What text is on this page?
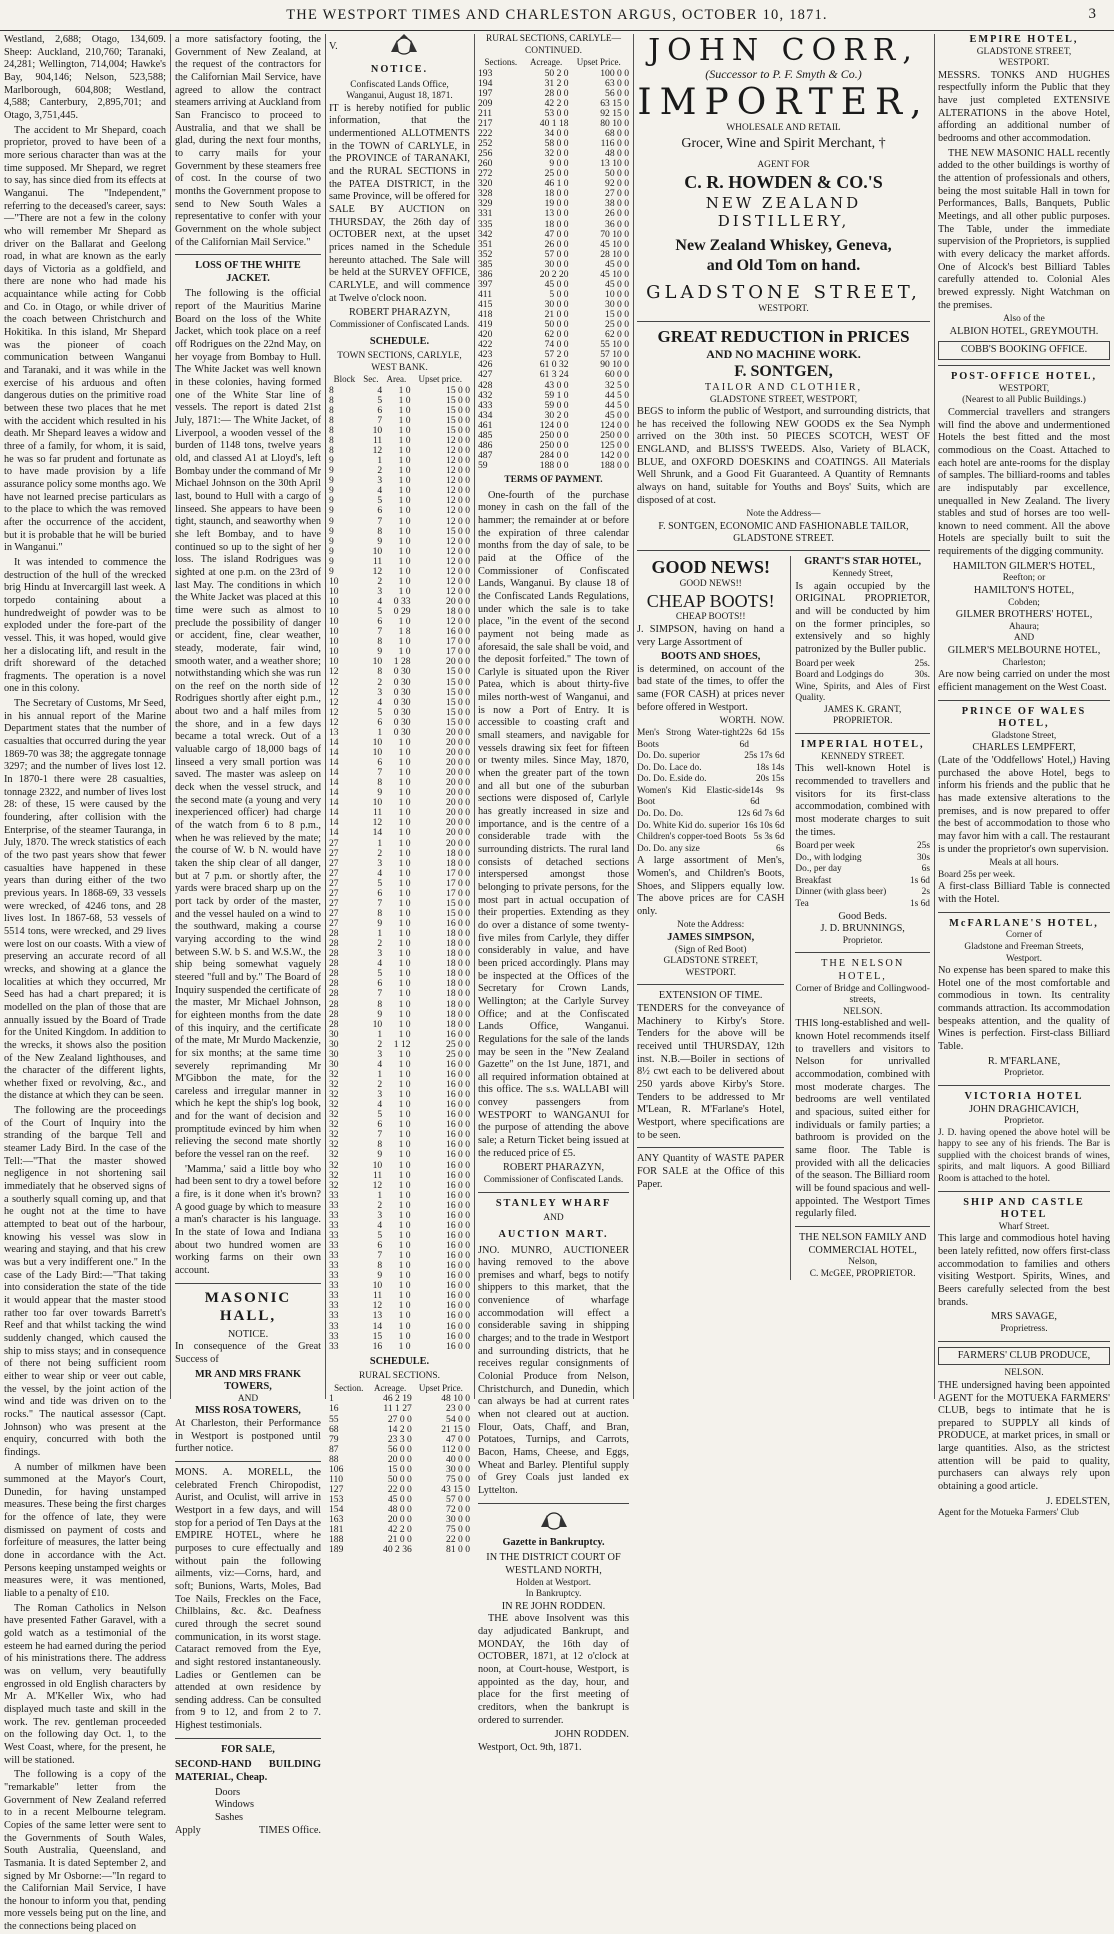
THE WESTPORT TIMES AND CHARLESTON ARGUS, OCTOBER 10, 1871.	3

Westland, 2,688; Otago, 134,609. Sheep: Auckland, 210,760; Taranaki, 24,281; Wellington, 714,004; Hawke's Bay, 904,146; Nelson, 523,588; Marlborough, 604,808; Westland, 4,588; Canterbury, 2,895,701; and Otago, 3,751,445.

The accident to Mr Shepard, coach proprietor, proved to have been of a more serious character than was at the time supposed. Mr Shepard, we regret to say, has since died from its effects at Wanganui. The "Independent," referring to the deceased's career, says:—"There are not a few in the colony who will remember Mr Shepard as driver on the Ballarat and Geelong road, in what are known as the early days of Victoria as a goldfield, and there are none who had made his acquaintance while acting for Cobb and Co. in Otago, or while driver of the coach between Christchurch and Hokitika. In this island, Mr Shepard was the pioneer of coach communication between Wanganui and Taranaki, and it was while in the exercise of his arduous and often dangerous duties on the primitive road between these two places that he met with the accident which resulted in his death. Mr Shepard leaves a widow and three of a family, for whom, it is said, he was so far prudent and fortunate as to have made provision by a life assurance policy some months ago. We have not learned precise particulars as to the place to which the was removed after the occurrence of the accident, but it is probable that he will be buried in Wanganui."

It was intended to commence the destruction of the hull of the wrecked brig Hindu at Invercargill last week. A torpedo containing about a hundredweight of powder was to be exploded under the fore-part of the vessel. This, it was hoped, would give her a dislocating lift, and result in the drift shoreward of the detached fragments. The operation is a novel one in this colony.

The Secretary of Customs, Mr Seed, in his annual report of the Marine Department states that the number of casualties that occurred during the year 1869-70 was 38; the aggregate tonnage 3297; and the number of lives lost 12. In 1870-1 there were 28 casualties, tonnage 2322, and number of lives lost 28: of these, 15 were caused by the foundering, after collision with the Enterprise, of the steamer Tauranga, in July, 1870. The wreck statistics of each of the two past years show that fewer casualties have happened in these years than during either of the two previous years. In 1868-69, 33 vessels were wrecked, of 4246 tons, and 28 lives lost. In 1867-68, 53 vessels of 5514 tons, were wrecked, and 29 lives were lost on our coasts. With a view of preserving an accurate record of all wrecks, and showing at a glance the localities at which they occurred, Mr Seed has had a chart prepared; it is modelled on the plan of those that are annually issued by the Board of Trade for the United Kingdom. In addition to the wrecks, it shows also the position of the New Zealand lighthouses, and the character of the different lights, whether fixed or revolving, &c., and the distance at which they can be seen.

The following are the proceedings of the Court of Inquiry into the stranding of the barque Tell and steamer Lady Bird. In the case of the Tell:—"That the master showed negligence in not shortening sail immediately that he observed signs of a southerly squall coming up, and that he ought not at the time to have attempted to beat out of the harbour, knowing his vessel was slow in wearing and staying, and that his crew was but a very indifferent one." In the case of the Lady Bird:—"That taking into consideration the state of the tide it would appear that the master stood rather too far over towards Barrett's Reef and that whilst tacking the wind suddenly changed, which caused the ship to miss stays; and in consequence of there not being sufficient room either to wear ship or veer out cable, the vessel, by the joint action of the wind and tide was driven on to the rocks." The nautical assessor (Capt. Johnson) who was present at the enquiry, concurred with both the findings.

A number of milkmen have been summoned at the Mayor's Court, Dunedin, for having unstamped measures. These being the first charges for the offence of late, they were dismissed on payment of costs and forfeiture of measures, the latter being done in accordance with the Act. Persons keeping unstamped weights or measures were, it was mentioned, liable to a penalty of £10.

The Roman Catholics in Nelson have presented Father Garavel, with a gold watch as a testimonial of the esteem he had earned during the period of his ministrations there. The address was on vellum, very beautifully engrossed in old English characters by Mr A. M'Keller Wix, who had displayed much taste and skill in the work. The rev. gentleman proceeded on the following day Oct. 1, to the West Coast, where, for the present, he will be stationed.

The following is a copy of the "remarkable" letter from the Government of New Zealand referred to in a recent Melbourne telegram. Copies of the same letter were sent to the Governments of South Wales, South Australia, Queensland, and Tasmania. It is dated September 2, and signed by Mr Osborne:—"In regard to the Californian Mail Service, I have the honour to inform you that, pending more vessels being put on the line, and the connections being placed on

a more satisfactory footing, the Government of New Zealand, at the request of the contractors for the Californian Mail Service, have agreed to allow the contract steamers arriving at Auckland from San Francisco to proceed to Australia, and that we shall be glad, during the next four months, to carry mails for your Government by these steamers free of cost. In the course of two months the Government propose to send to New South Wales a representative to confer with your Government on the whole subject of the Californian Mail Service."

LOSS OF THE WHITE JACKET.

The following is the official report of the Mauritius Marine Board on the loss of the White Jacket, which took place on a reef off Rodrigues on the 22nd May, on her voyage from Bombay to Hull. The White Jacket was well known in these colonies, having formed one of the White Star line of vessels. The report is dated 21st July, 1871:— The White Jacket, of Liverpool, a wooden vessel of the burden of 1148 tons, twelve years old, and classed A1 at Lloyd's, left Bombay under the command of Mr Michael Johnson on the 30th April last, bound to Hull with a cargo of linseed. She appears to have been tight, staunch, and seaworthy when she left Bombay, and to have continued so up to the sight of her loss. The island Rodrigues was sighted at one p.m. on the 23rd of last May. The conditions in which the White Jacket was placed at this time were such as almost to preclude the possibility of danger or accident, fine, clear weather, steady, moderate, fair wind, smooth water, and a weather shore; notwithstanding which she was run on the reef on the north side of Rodrigues shortly after eight p.m., about two and a half miles from the shore, and in a few days became a total wreck. Out of a valuable cargo of 18,000 bags of linseed a very small portion was saved. The master was asleep on deck when the vessel struck, and the second mate (a young and very inexperienced officer) had charge of the watch from 6 to 8 p.m., when he was relieved by the mate; the course of W. b N. would have taken the ship clear of all danger, but at 7 p.m. or shortly after, the yards were braced sharp up on the port tack by order of the master, and the vessel hauled on a wind to the southward, making a course varying according to the wind between S.W. b S. and W.S.W., the ship being somewhat vaguely steered "full and by." The Board of Inquiry suspended the certificate of the master, Mr Michael Johnson, for eighteen months from the date of this inquiry, and the certificate of the mate, Mr Murdo Mackenzie, for six months; at the same time severely reprimanding Mr M'Gibbon the mate, for the careless and irregular manner in which he kept the ship's log book, and for the want of decision and promptitude evinced by him when relieving the second mate shortly before the vessel ran on the reef.

'Mamma,' said a little boy who had been sent to dry a towel before a fire, is it done when it's brown? A good guage by which to measure a man's character is his language. In the state of Iowa and Indiana about two hundred women are working farms on their own account.

MASONIC HALL,
NOTICE.

In consequence of the Great Success of

MR AND MRS FRANK TOWERS,
AND
MISS ROSA TOWERS,

At Charleston, their Performance in Westport is postponed until further notice.

MONS. A. MORELL, the celebrated French Chiropodist, Aurist, and Oculist, will arrive in Westport in a few days, and will stop for a period of Ten Days at the EMPIRE HOTEL, where he purposes to cure effectually and without pain the following ailments, viz:—Corns, hard, and soft; Bunions, Warts, Moles, Bad Toe Nails, Freckles on the Face, Chilblains, &c. &c. Deafness cured through the secret sound communication, in its worst stage. Cataract removed from the Eye, and sight restored instantaneously. Ladies or Gentlemen can be attended at own residence by sending address. Can be consulted from 9 to 12, and from 2 to 7. Highest testimonials.

FOR SALE,

SECOND-HAND BUILDING MATERIAL, Cheap.

Doors
Windows
Sashes
Apply	TIMES Office.
V.
NOTICE.
Confiscated Lands Office,
Wanganui, August 18, 1871.

IT is hereby notified for public information, that the undermentioned ALLOTMENTS in the TOWN of CARLYLE, in the PROVINCE of TARANAKI, and the RURAL SECTIONS in the PATEA DISTRICT, in the same Province, will be offered for SALE BY AUCTION on THURSDAY, the 26th day of OCTOBER next, at the upset prices named in the Schedule hereunto attached. The Sale will be held at the SURVEY OFFICE, CARLYLE, and will commence at Twelve o'clock noon.

ROBERT PHARAZYN,
Commissioner of Confiscated Lands.
SCHEDULE.
TOWN SECTIONS, CARLYLE, WEST BANK.
Block	Sec.	Area.	Upset price.
8	4	1 0	15 0 0
8	5	1 0	15 0 0
8	6	1 0	15 0 0
8	7	1 0	15 0 0
8	10	1 0	15 0 0
8	11	1 0	12 0 0
8	12	1 0	12 0 0
9	1	1 0	12 0 0
9	2	1 0	12 0 0
9	3	1 0	12 0 0
9	4	1 0	12 0 0
9	5	1 0	12 0 0
9	6	1 0	12 0 0
9	7	1 0	12 0 0
9	8	1 0	15 0 0
9	9	1 0	12 0 0
9	10	1 0	12 0 0
9	11	1 0	12 0 0
9	12	1 0	12 0 0
10	2	1 0	12 0 0
10	3	1 0	12 0 0
10	4	0 33	20 0 0
10	5	0 29	18 0 0
10	6	1 0	12 0 0
10	7	1 8	16 0 0
10	8	1 0	17 0 0
10	9	1 0	17 0 0
10	10	1 28	20 0 0
12	8	0 30	15 0 0
12	2	0 30	15 0 0
12	3	0 30	15 0 0
12	4	0 30	15 0 0
12	5	0 30	15 0 0
12	6	0 30	15 0 0
13	1	0 30	20 0 0
14	10	1 0	20 0 0
14	10	1 0	20 0 0
14	6	1 0	20 0 0
14	7	1 0	20 0 0
14	8	1 0	20 0 0
14	9	1 0	20 0 0
14	10	1 0	20 0 0
14	11	1 0	20 0 0
14	12	1 0	20 0 0
14	14	1 0	20 0 0
27	1	1 0	20 0 0
27	2	1 0	18 0 0
27	3	1 0	18 0 0
27	4	1 0	17 0 0
27	5	1 0	17 0 0
27	6	1 0	17 0 0
27	7	1 0	15 0 0
27	8	1 0	15 0 0
27	9	1 0	16 0 0
28	1	1 0	18 0 0
28	2	1 0	18 0 0
28	3	1 0	18 0 0
28	4	1 0	18 0 0
28	5	1 0	18 0 0
28	6	1 0	18 0 0
28	7	1 0	18 0 0
28	8	1 0	18 0 0
28	9	1 0	18 0 0
28	10	1 0	18 0 0
30	1	1 0	16 0 0
30	2	1 12	25 0 0
30	3	1 0	25 0 0
30	4	1 0	16 0 0
32	1	1 0	16 0 0
32	2	1 0	16 0 0
32	3	1 0	16 0 0
32	4	1 0	16 0 0
32	5	1 0	16 0 0
32	6	1 0	16 0 0
32	7	1 0	16 0 0
32	8	1 0	16 0 0
32	9	1 0	16 0 0
32	10	1 0	16 0 0
32	11	1 0	16 0 0
32	12	1 0	16 0 0
33	1	1 0	16 0 0
33	2	1 0	16 0 0
33	3	1 0	16 0 0
33	4	1 0	16 0 0
33	5	1 0	16 0 0
33	6	1 0	16 0 0
33	7	1 0	16 0 0
33	8	1 0	16 0 0
33	9	1 0	16 0 0
33	10	1 0	16 0 0
33	11	1 0	16 0 0
33	12	1 0	16 0 0
33	13	1 0	16 0 0
33	14	1 0	16 0 0
33	15	1 0	16 0 0
33	16	1 0	16 0 0
SCHEDULE.
RURAL SECTIONS.
Section.	Acreage.	Upset Price.
1	46 2 19	48 10 0
16	11 1 27	23 0 0
55	27 0 0	54 0 0
68	14 2 0	21 15 0
79	23 3 0	47 0 0
87	56 0 0	112 0 0
88	20 0 0	40 0 0
106	15 0 0	30 0 0
110	50 0 0	75 0 0
127	22 0 0	43 15 0
153	45 0 0	57 0 0
154	48 0 0	72 0 0
163	20 0 0	30 0 0
181	42 2 0	75 0 0
188	21 0 0	22 0 0
189	40 2 36	81 0 0
RURAL SECTIONS, CARLYLE—CONTINUED.
Sections.	Acreage.	Upset Price.
193	50 2 0	100 0 0
194	31 2 0	63 0 0
197	28 0 0	56 0 0
209	42 2 0	63 15 0
211	53 0 0	92 15 0
217	40 1 18	80 10 0
222	34 0 0	68 0 0
252	58 0 0	116 0 0
256	32 0 0	48 0 0
260	9 0 0	13 10 0
272	25 0 0	50 0 0
320	46 1 0	92 0 0
328	18 0 0	27 0 0
329	19 0 0	38 0 0
331	13 0 0	26 0 0
335	18 0 0	36 0 0
342	47 0 0	70 10 0
351	26 0 0	45 10 0
352	57 0 0	28 10 0
385	30 0 0	45 0 0
386	20 2 20	45 10 0
397	45 0 0	45 0 0
411	5 0 0	10 0 0
415	30 0 0	30 0 0
418	21 0 0	15 0 0
419	50 0 0	25 0 0
420	62 0 0	62 0 0
422	74 0 0	55 10 0
423	57 2 0	57 10 0
426	61 0 32	90 10 0
427	61 3 24	60 0 0
428	43 0 0	32 5 0
432	59 1 0	44 5 0
433	59 0 0	44 5 0
434	30 2 0	45 0 0
461	124 0 0	124 0 0
485	250 0 0	250 0 0
486	250 0 0	125 0 0
487	284 0 0	142 0 0
59	188 0 0	188 0 0
TERMS OF PAYMENT.

One-fourth of the purchase money in cash on the fall of the hammer; the remainder at or before the expiration of three calendar months from the day of sale, to be paid at the Office of the Commissioner of Confiscated Lands, Wanganui. By clause 18 of the Confiscated Lands Regulations, under which the sale is to take place, "in the event of the second payment not being made as aforesaid, the sale shall be void, and the deposit forfeited." The town of Carlyle is situated upon the River Patea, which is about thirty-five miles north-west of Wanganui, and is now a Port of Entry. It is accessible to coasting craft and small steamers, and navigable for vessels drawing six feet for fifteen or twenty miles. Since May, 1870, when the greater part of the town and all but one of the suburban sections were disposed of, Carlyle has greatly increased in size and importance, and is the centre of a considerable trade with the surrounding districts. The rural land consists of detached sections interspersed amongst those belonging to private persons, for the most part in actual occupation of their properties. Extending as they do over a distance of some twenty-five miles from Carlyle, they differ considerably in value, and have been priced accordingly. Plans may be inspected at the Offices of the Secretary for Crown Lands, Wellington; at the Carlyle Survey Office; and at the Confiscated Lands Office, Wanganui. Regulations for the sale of the lands may be seen in the "New Zealand Gazette" on the 1st June, 1871, and all required information obtained at this office. The s.s. WALLABI will convey passengers from WESTPORT to WANGANUI for the purpose of attending the above sale; a Return Ticket being issued at the reduced price of £5.

ROBERT PHARAZYN,
Commissioner of Confiscated Lands.
STANLEY WHARF
AND
AUCTION MART.

JNO. MUNRO, AUCTIONEER having removed to the above premises and wharf, begs to notify shippers to this market, that the convenience of wharfage accommodation will effect a considerable saving in shipping charges; and to the trade in Westport and surrounding districts, that he receives regular consignments of Colonial Produce from Nelson, Christchurch, and Dunedin, which can always be had at current rates when not cleared out at auction. Flour, Oats, Chaff, and Bran, Potatoes, Turnips, and Carrots, Bacon, Hams, Cheese, and Eggs, Wheat and Barley. Plentiful supply of Grey Coals just landed ex Lyttelton.

Gazette in Bankruptcy.
IN THE DISTRICT COURT OF WESTLAND NORTH,
Holden at Westport.
In Bankruptcy.
IN RE JOHN RODDEN.

THE above Insolvent was this day adjudicated Bankrupt, and MONDAY, the 16th day of OCTOBER, 1871, at 12 o'clock at noon, at Court-house, Westport, is appointed as the day, hour, and place for the first meeting of creditors, when the bankrupt is ordered to surrender.

JOHN RODDEN.
Westport, Oct. 9th, 1871.
JOHN CORR,
(Successor to P. F. Smyth & Co.)
IMPORTER,
WHOLESALE AND RETAIL
Grocer, Wine and Spirit Merchant, †
AGENT FOR
C. R. HOWDEN & CO.'S
NEW ZEALAND DISTILLERY,
New Zealand Whiskey, Geneva,
and Old Tom on hand.
GLADSTONE STREET,
WESTPORT.
GREAT REDUCTION in PRICES
AND NO MACHINE WORK.
F. SONTGEN,
TAILOR AND CLOTHIER,
GLADSTONE STREET, WESTPORT,

BEGS to inform the public of Westport, and surrounding districts, that he has received the following NEW GOODS ex the Sea Nymph arrived on the 30th inst. 50 PIECES SCOTCH, WEST OF ENGLAND, and BLISS'S TWEEDS. Also, Variety of BLACK, BLUE, and OXFORD DOESKINS and COATINGS. All Materials Well Shrunk, and a Good Fit Guaranteed. A Quantity of Remnants always on hand, suitable for Youths and Boys' Suits, which are disposed of at cost.

Note the Address—
F. SONTGEN, ECONOMIC AND FASHIONABLE TAILOR, GLADSTONE STREET.
GOOD NEWS!
GOOD NEWS!!
CHEAP BOOTS!
CHEAP BOOTS!!

J. SIMPSON, having on hand a very Large Assortment of

BOOTS AND SHOES,

is determined, on account of the bad state of the times, to offer the same (FOR CASH) at prices never before offered in Westport.

WORTH. NOW.
Men's Strong Water-tight Boots
22s 6d 15s 6d
Do. Do. superior	25s 17s 6d
Do. Do. Lace do.	18s 14s
Do. Do. E.side do.	20s 15s
Women's Kid Elastic-side Boot
14s 9s 6d
Do. Do. Do.	12s 6d 7s 6d
Do. White Kid do. superior 16s 10s 6d
Children's copper-toed Boots 5s 3s 6d
Do. Do. any size	6s

A large assortment of Men's, Women's, and Children's Boots, Shoes, and Slippers equally low. The above prices are for CASH only.

Note the Address:
JAMES SIMPSON,
(Sign of Red Boot)
GLADSTONE STREET,
WESTPORT.
EXTENSION OF TIME.

TENDERS for the conveyance of Machinery to Kirby's Store. Tenders for the above will be received until THURSDAY, 12th inst. N.B.—Boiler in sections of 8½ cwt each to be delivered about 250 yards above Kirby's Store. Tenders to be addressed to Mr M'Lean, R. M'Farlane's Hotel, Westport, where specifications are to be seen.

ANY Quantity of WASTE PAPER FOR SALE at the Office of this Paper.

GRANT'S STAR HOTEL,
Kennedy Street,

Is again occupied by the ORIGINAL PROPRIETOR, and will be conducted by him on the former principles, so extensively and so highly patronized by the Buller public.

Board per week	25s.
Board and Lodgings do	30s.
Wine, Spirits, and Ales of First Quality.
JAMES K. GRANT, PROPRIETOR.
IMPERIAL HOTEL,
KENNEDY STREET.

This well-known Hotel is recommended to travellers and visitors for its first-class accommodation, combined with most moderate charges to suit the times.

Board per week	25s
Do., with lodging	30s
Do., per day	6s
Breakfast	1s 6d
Dinner (with glass beer)	2s
Tea	1s 6d
Good Beds.
J. D. BRUNNINGS,
Proprietor.
THE NELSON HOTEL,
Corner of Bridge and Collingwood-streets,
NELSON.

THIS long-established and well-known Hotel recommends itself to travellers and visitors to Nelson for unrivalled accommodation, combined with most moderate charges. The bedrooms are well ventilated and spacious, suited either for individuals or family parties; a bathroom is provided on the same floor. The Table is provided with all the delicacies of the season. The Billiard room will be found spacious and well-appointed. The Westport Times regularly filed.

THE NELSON FAMILY AND COMMERCIAL HOTEL,
Nelson,
C. McGEE, PROPRIETOR.
EMPIRE HOTEL,
GLADSTONE STREET,
WESTPORT.

MESSRS. TONKS AND HUGHES respectfully inform the Public that they have just completed EXTENSIVE ALTERATIONS in the above Hotel, affording an additional number of bedrooms and other accommodation.

THE NEW MASONIC HALL recently added to the other buildings is worthy of the attention of professionals and others, being the most suitable Hall in town for Performances, Balls, Banquets, Public Meetings, and all other public purposes. The Table, under the immediate supervision of the Proprietors, is supplied with every delicacy the market affords. One of Alcock's best Billiard Tables carefully attended to. Colonial Ales brewed expressly. Night Watchman on the premises.

Also of the
ALBION HOTEL, GREYMOUTH.
COBB'S BOOKING OFFICE.
POST-OFFICE HOTEL,
WESTPORT,
(Nearest to all Public Buildings.)

Commercial travellers and strangers will find the above and undermentioned Hotels the best fitted and the most commodious on the Coast. Attached to each hotel are ante-rooms for the display of samples. The billiard-rooms and tables are indisputably par excellence, unequalled in New Zealand. The livery stables and stud of horses are too well-known to need comment. All the above Hotels are specially built to suit the requirements of the digging community.

HAMILTON GILMER'S HOTEL,
Reefton; or
HAMILTON'S HOTEL,
Cobden;
GILMER BROTHERS' HOTEL,
Ahaura;
AND
GILMER'S MELBOURNE HOTEL,
Charleston;

Are now being carried on under the most efficient management on the West Coast.

PRINCE OF WALES HOTEL,
Gladstone Street,
CHARLES LEMPFERT,

(Late of the 'Oddfellows' Hotel,) Having purchased the above Hotel, begs to inform his friends and the public that he has made extensive alterations to the premises, and is now prepared to offer the best of accommodation to those who may favor him with a call. The restaurant is under the proprietor's own supervision.

Meals at all hours.
Board 25s per week.

A first-class Billiard Table is connected with the Hotel.

McFARLANE'S HOTEL,
Corner of
Gladstone and Freeman Streets,
Westport.

No expense has been spared to make this Hotel one of the most comfortable and commodious in town. Its centrality commands attraction. Its accommodation bespeaks attention, and the quality of Wines is perfection. First-class Billiard Table.

R. M'FARLANE,
Proprietor.
VICTORIA HOTEL
JOHN DRAGHICAVICH,
Proprietor.

J. D. having opened the above hotel will be happy to see any of his friends. The Bar is supplied with the choicest brands of wines, spirits, and malt liquors. A good Billiard Room is attached to the hotel.

SHIP AND CASTLE HOTEL
Wharf Street.

This large and commodious hotel having been lately refitted, now offers first-class accommodation to families and others visiting Westport. Spirits, Wines, and Beers carefully selected from the best brands.

MRS SAVAGE,
Proprietress.
FARMERS' CLUB PRODUCE,
NELSON.

THE undersigned having been appointed AGENT for the MOTUEKA FARMERS' CLUB, begs to intimate that he is prepared to SUPPLY all kinds of PRODUCE, at market prices, in small or large quantities. Also, as the strictest attention will be paid to quality, purchasers can always rely upon obtaining a good article.

J. EDELSTEN,
Agent for the Motueka Farmers' Club
